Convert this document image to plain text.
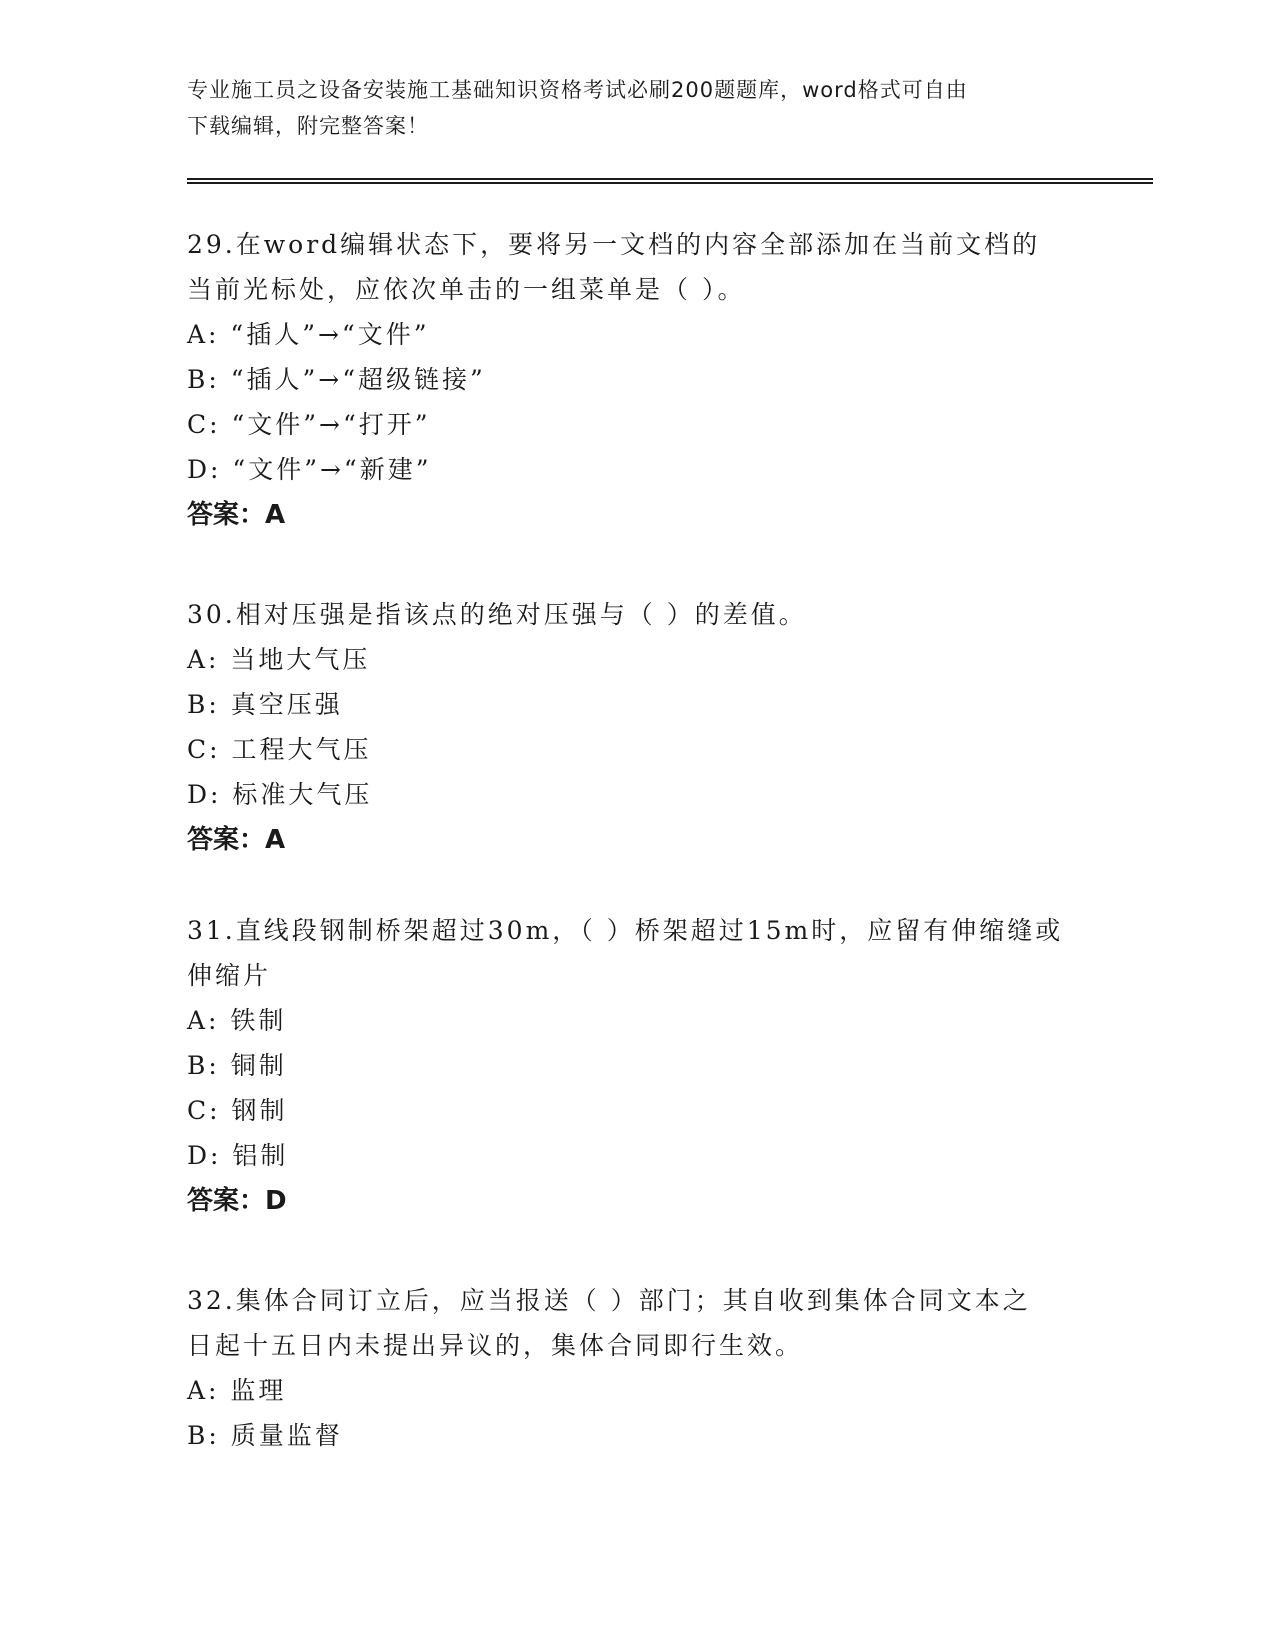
专业施工员之设备安装施工基础知识资格考试必刷200题题库，word格式可自由
下载编辑，附完整答案！

29.在word编辑状态下，要将另一文档的内容全部添加在当前文档的

当前光标处，应依次单击的一组菜单是（ ）。

A: “插人”→“文件”

B: “插人”→“超级链接”

C: “文件”→“打开”

D: “文件”→“新建”

答案：A

30.相对压强是指该点的绝对压强与（ ）的差值。

A: 当地大气压

B: 真空压强

C: 工程大气压

D: 标准大气压

答案：A

31.直线段钢制桥架超过30m，（ ）桥架超过15m时，应留有伸缩缝或

伸缩片

A: 铁制

B: 铜制

C: 钢制

D: 铝制

答案：D

32.集体合同订立后，应当报送（ ）部门；其自收到集体合同文本之

日起十五日内未提出异议的，集体合同即行生效。

A: 监理

B: 质量监督
